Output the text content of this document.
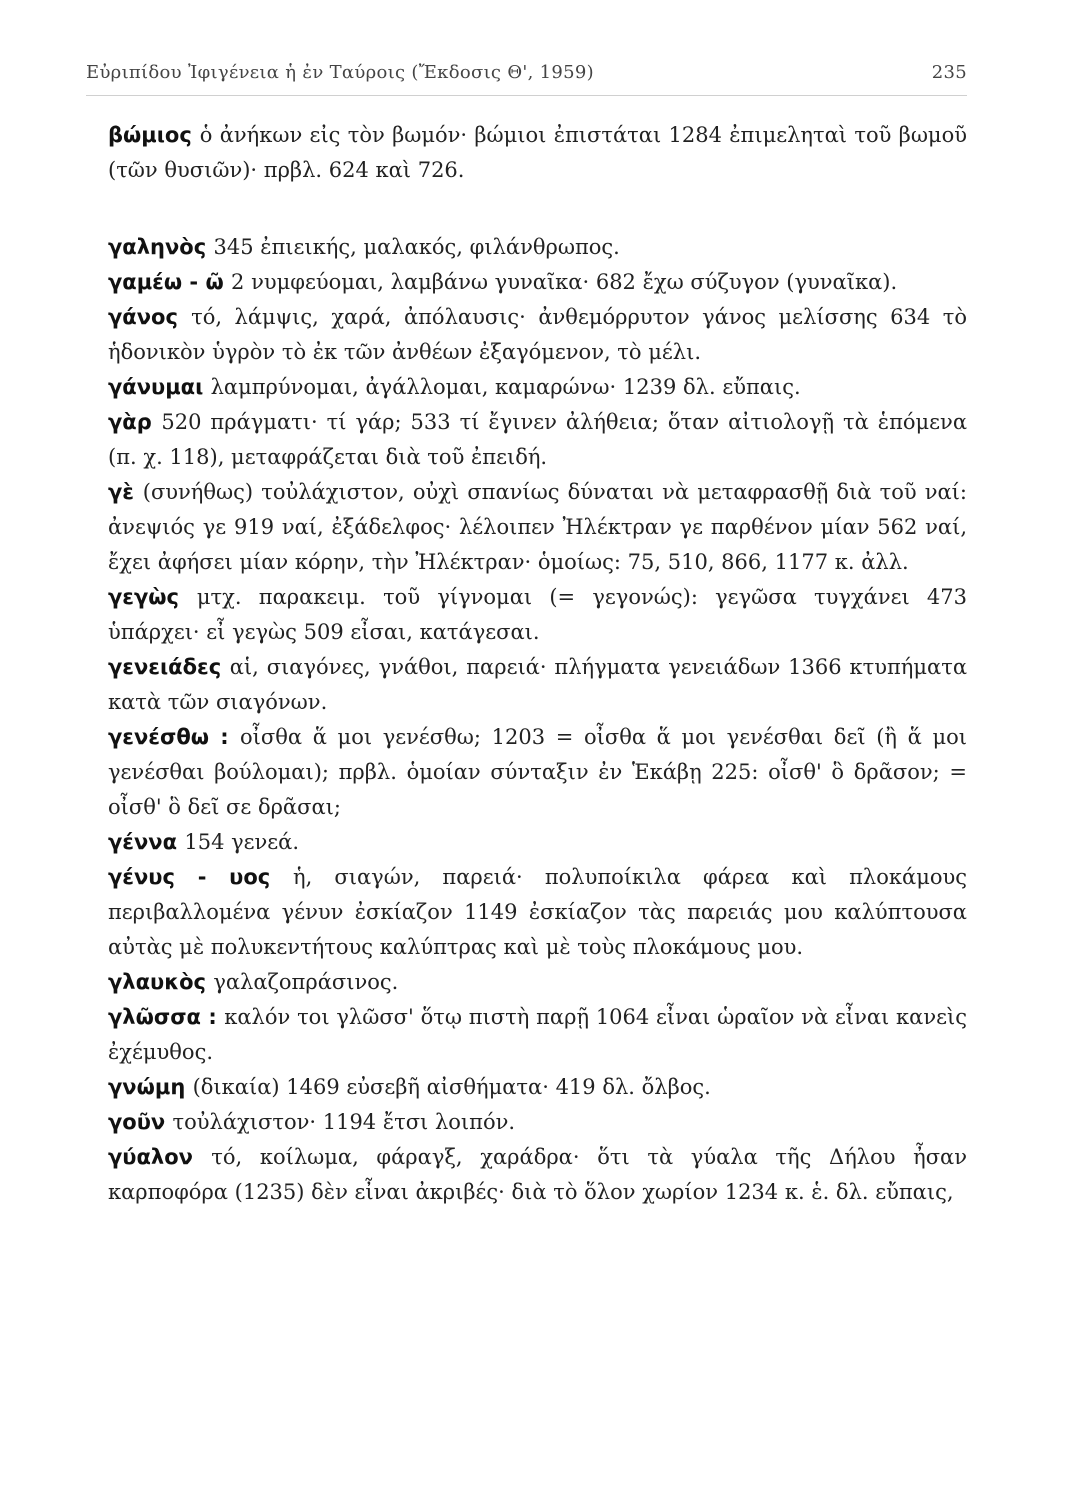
Εὐριπίδου Ἰφιγένεια ἡ ἐν Ταύροις (Ἔκδοσις Θ', 1959)	235

βώμιος ὁ ἀνήκων εἰς τὸν βωμόν· βώμιοι ἐπιστάται 1284 ἐπιμεληταὶ τοῦ βωμοῦ (τῶν θυσιῶν)· πρβλ. 624 καὶ 726.

γαληνὸς 345 ἐπιεικής, μαλακός, φιλάνθρωπος.

γαμέω - ῶ 2 νυμφεύομαι, λαμβάνω γυναῖκα· 682 ἔχω σύζυγον (γυναῖκα).

γάνος τό, λάμψις, χαρά, ἀπόλαυσις· ἀνθεμόρρυτον γάνος μελίσσης 634 τὸ ἡδονικὸν ὑγρὸν τὸ ἐκ τῶν ἀνθέων ἐξαγόμενον, τὸ μέλι.

γάνυμαι λαμπρύνομαι, ἀγάλλομαι, καμαρώνω· 1239 δλ. εὔπαις.

γὰρ 520 πράγματι· τί γάρ; 533 τί ἔγινεν ἀλήθεια; ὅταν αἰτιολογῇ τὰ ἑπόμενα (π. χ. 118), μεταφράζεται διὰ τοῦ ἐπειδή.

γὲ (συνήθως) τοὐλάχιστον, οὐχὶ σπανίως δύναται νὰ μεταφρασθῇ διὰ τοῦ ναί: ἀνεψιός γε 919 ναί, ἐξάδελφος· λέλοιπεν Ἠλέκτραν γε παρθένον μίαν 562 ναί, ἔχει ἀφήσει μίαν κόρην, τὴν Ἠλέκτραν· ὁμοίως: 75, 510, 866, 1177 κ. ἀλλ.

γεγὼς μτχ. παρακειμ. τοῦ γίγνομαι (= γεγονώς): γεγῶσα τυγχάνει 473 ὑπάρχει· εἶ γεγὼς 509 εἶσαι, κατάγεσαι.

γενειάδες αἱ, σιαγόνες, γνάθοι, παρειά· πλήγματα γενειάδων 1366 κτυπήματα κατὰ τῶν σιαγόνων.

γενέσθω : οἶσθα ἅ μοι γενέσθω; 1203 = οἶσθα ἅ μοι γενέσθαι δεῖ (ἢ ἅ μοι γενέσθαι βούλομαι); πρβλ. ὁμοίαν σύνταξιν ἐν Ἑκάβῃ 225: οἶσθ' ὃ δρᾶσον; = οἶσθ' ὃ δεῖ σε δρᾶσαι;

γέννα 154 γενεά.

γένυς - υος ἡ, σιαγών, παρειά· πολυποίκιλα φάρεα καὶ πλοκάμους περιβαλλομένα γένυν ἐσκίαζον 1149 ἐσκίαζον τὰς παρειάς μου καλύπτουσα αὐτὰς μὲ πολυκεντήτους καλύπτρας καὶ μὲ τοὺς πλοκάμους μου.

γλαυκὸς γαλαζοπράσινος.

γλῶσσα : καλόν τοι γλῶσσ' ὅτῳ πιστὴ παρῇ 1064 εἶναι ὡραῖον νὰ εἶναι κανεὶς ἐχέμυθος.

γνώμη (δικαία) 1469 εὐσεβῆ αἰσθήματα· 419 δλ. ὄλβος.

γοῦν τοὐλάχιστον· 1194 ἔτσι λοιπόν.

γύαλον τό, κοίλωμα, φάραγξ, χαράδρα· ὅτι τὰ γύαλα τῆς Δήλου ἦσαν καρποφόρα (1235) δὲν εἶναι ἀκριβές· διὰ τὸ ὅλον χωρίον 1234 κ. ἑ. δλ. εὔπαις,
